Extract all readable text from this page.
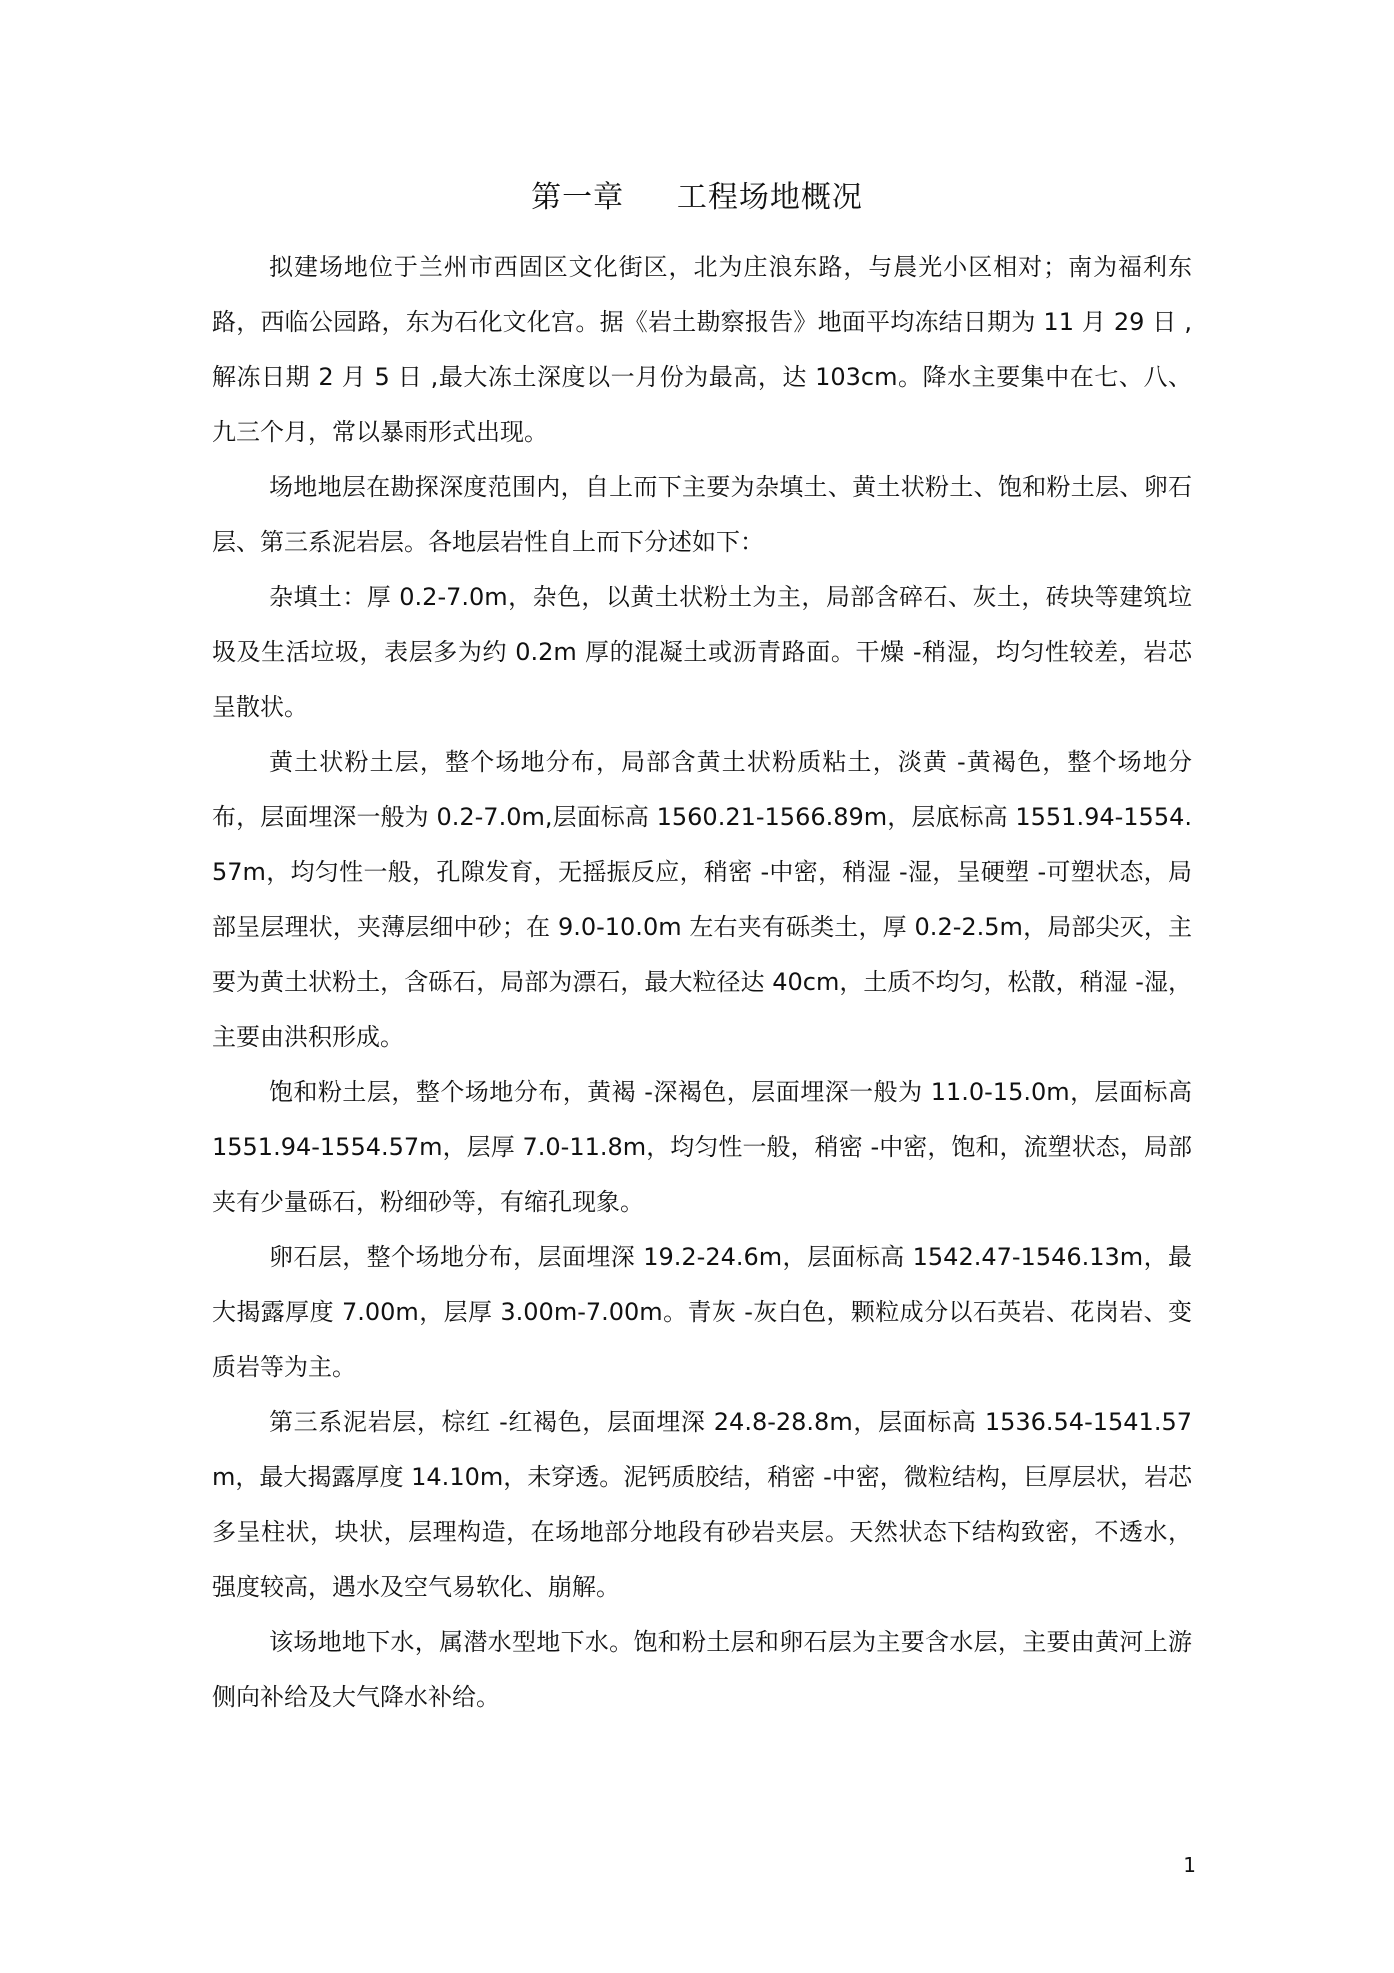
第一章     工程场地概况

拟建场地位于兰州市西固区文化街区，北为庄浪东路，与晨光小区相对；南为福利东路，西临公园路，东为石化文化宫。据《岩土勘察报告》地面平均冻结日期为 11 月 29 日 ,解冻日期 2 月 5 日 ,最大冻土深度以一月份为最高，达 103cm。降水主要集中在七、八、九三个月，常以暴雨形式出现。

场地地层在勘探深度范围内，自上而下主要为杂填土、黄土状粉土、饱和粉土层、卵石层、第三系泥岩层。各地层岩性自上而下分述如下：

杂填土：厚 0.2-7.0m，杂色，以黄土状粉土为主，局部含碎石、灰土，砖块等建筑垃圾及生活垃圾，表层多为约 0.2m 厚的混凝土或沥青路面。干燥 -稍湿，均匀性较差，岩芯呈散状。

黄土状粉土层，整个场地分布，局部含黄土状粉质粘土，淡黄 -黄褐色，整个场地分布，层面埋深一般为 0.2-7.0m,层面标高 1560.21-1566.89m，层底标高 1551.94-1554.57m，均匀性一般，孔隙发育，无摇振反应，稍密 -中密，稍湿 -湿，呈硬塑 -可塑状态，局部呈层理状，夹薄层细中砂；在 9.0-10.0m 左右夹有砾类土，厚 0.2-2.5m，局部尖灭，主要为黄土状粉土，含砾石，局部为漂石，最大粒径达 40cm，土质不均匀，松散，稍湿 -湿，主要由洪积形成。

饱和粉土层，整个场地分布，黄褐 -深褐色，层面埋深一般为 11.0-15.0m，层面标高 1551.94-1554.57m，层厚 7.0-11.8m，均匀性一般，稍密 -中密，饱和，流塑状态，局部夹有少量砾石，粉细砂等，有缩孔现象。

卵石层，整个场地分布，层面埋深 19.2-24.6m，层面标高 1542.47-1546.13m，最大揭露厚度 7.00m，层厚 3.00m-7.00m。青灰 -灰白色，颗粒成分以石英岩、花岗岩、变质岩等为主。

第三系泥岩层，棕红 -红褐色，层面埋深 24.8-28.8m，层面标高 1536.54-1541.57m，最大揭露厚度 14.10m，未穿透。泥钙质胶结，稍密 -中密，微粒结构，巨厚层状，岩芯多呈柱状，块状，层理构造，在场地部分地段有砂岩夹层。天然状态下结构致密，不透水，强度较高，遇水及空气易软化、崩解。

该场地地下水，属潜水型地下水。饱和粉土层和卵石层为主要含水层，主要由黄河上游侧向补给及大气降水补给。

1
